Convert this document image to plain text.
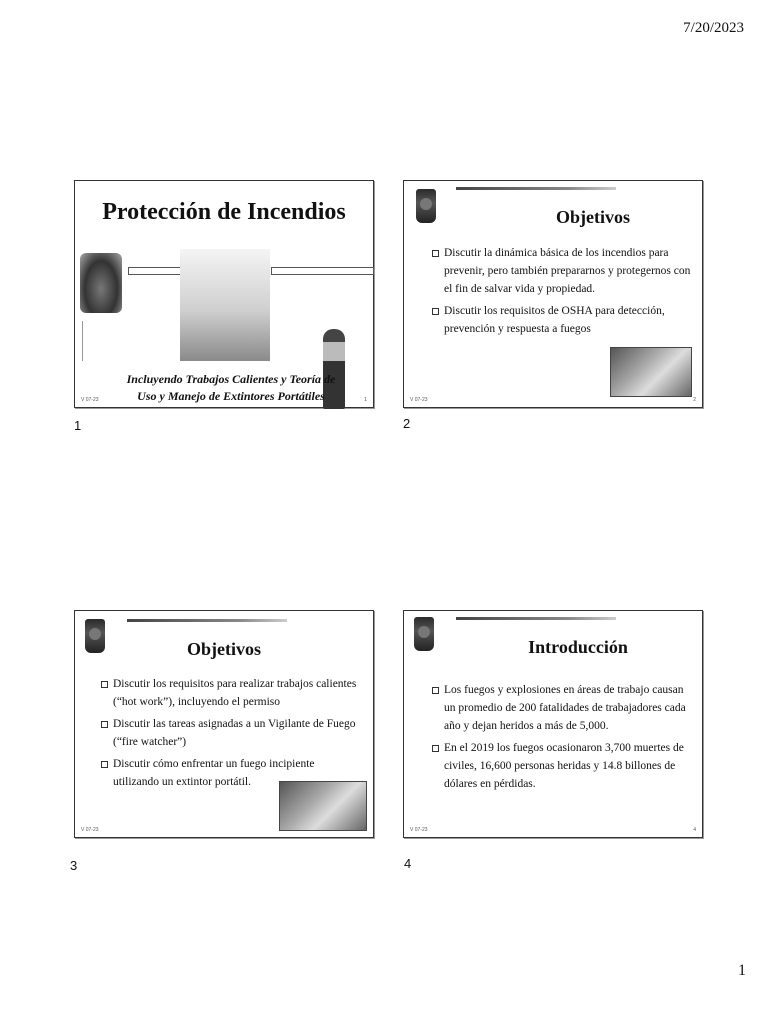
7/20/2023
Protección de Incendios
Incluyendo Trabajos Calientes y Teoría de
Uso y Manejo de Extintores Portátiles
V 07-23	1
1
Objetivos
Discutir la dinámica básica de los incendios para prevenir, pero también prepararnos y protegernos con el fin de salvar vida y propiedad.
Discutir los requisitos de OSHA para detección, prevención y respuesta a fuegos
V 07-23	2
2
Objetivos
Discutir los requisitos para realizar trabajos calientes (“hot work”), incluyendo el permiso
Discutir las tareas asignadas a un Vigilante de Fuego (“fire watcher”)
Discutir cómo enfrentar un fuego incipiente utilizando un extintor portátil.
V 07-23	3
3
Introducción
Los fuegos y explosiones en áreas de trabajo causan un promedio de 200 fatalidades de trabajadores cada año y dejan heridos a más de 5,000.
En el 2019 los fuegos ocasionaron 3,700 muertes de civiles, 16,600 personas heridas y 14.8 billones de dólares en pérdidas.
V 07-23	4
4
1
